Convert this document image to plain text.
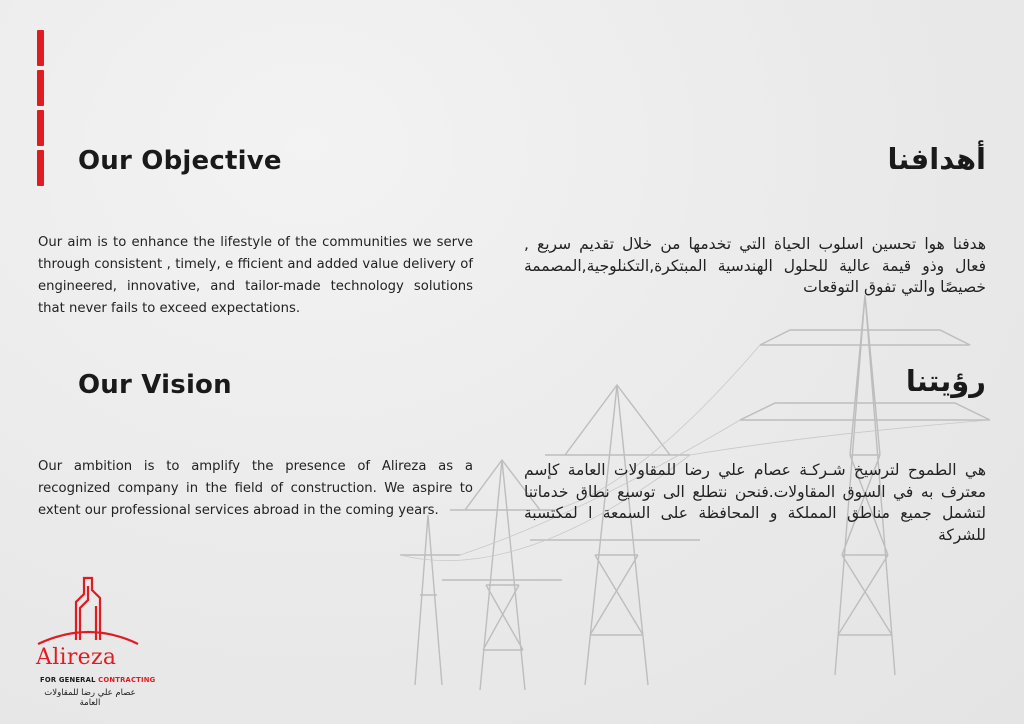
Our Objective	أهدافنا

Our aim is to enhance the lifestyle of the communities we serve through consistent , timely, e fficient and added value delivery of engineered, innovative, and tailor-made technology solutions that never fails to exceed expectations.

هدفنا هوا تحسين اسلوب الحياة التي تخدمها من خلال تقديم سريع , فعال وذو قيمة عالية للحلول الهندسية المبتكرة,التكنلوجية,المصممة خصيصًا والتي تفوق التوقعات

Our Vision	رؤيتنا

Our ambition is to amplify the presence of Alireza as a recognized company in the field of construction. We aspire to extent our professional services abroad in the coming years.

هي الطموح لترسيخ شـركـة عصام علي رضا للمقاولات العامة كإسم معترف به في السوق المقاولات.فنحن نتطلع الى توسيع نطاق خدماتنا لتشمل جميع مناطق المملكة و المحافظة على السمعة ا لمكتسبة للشركة

Alireza
FOR GENERAL CONTRACTING
عصام علي رضا للمقاولات العامة
